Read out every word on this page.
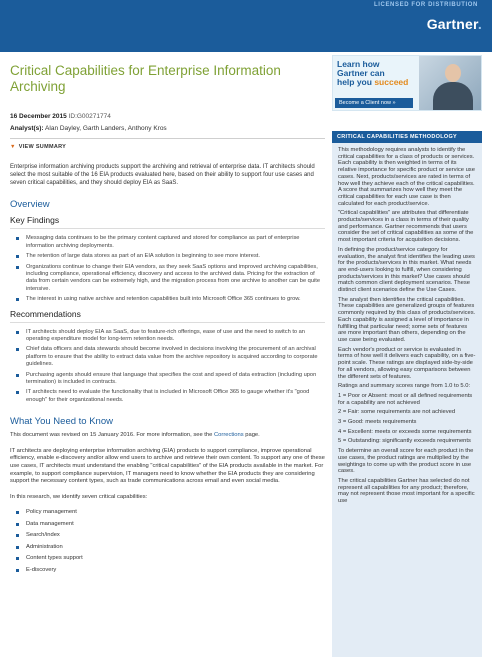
LICENSED FOR DISTRIBUTION
Gartner.
Critical Capabilities for Enterprise Information Archiving
16 December 2015 ID:G00271774
Analyst(s): Alan Dayley, Garth Landers, Anthony Kros
▼ VIEW SUMMARY
Enterprise information archiving products support the archiving and retrieval of enterprise data. IT architects should select the most suitable of the 16 EIA products evaluated here, based on their ability to support four use cases and seven critical capabilities, and they should deploy EIA as SaaS.
Overview
Key Findings
Messaging data continues to be the primary content captured and stored for compliance as part of enterprise information archiving deployments.
The retention of large data stores as part of an EIA solution is beginning to see more interest.
Organizations continue to change their EIA vendors, as they seek SaaS options and improved archiving capabilities, including compliance, operational efficiency, discovery and access to the archived data. Pricing for the extraction of data from certain vendors can be extremely high, and the migration process from one archive to another can be quite intensive.
The interest in using native archive and retention capabilities built into Microsoft Office 365 continues to grow.
Recommendations
IT architects should deploy EIA as SaaS, due to feature-rich offerings, ease of use and the need to switch to an operating expenditure model for long-term retention needs.
Chief data officers and data stewards should become involved in decisions involving the procurement of an archival platform to ensure that the ability to extract data value from the archive repository is acquired according to corporate guidelines.
Purchasing agents should ensure that language that specifies the cost and speed of data extraction (including upon termination) is included in contracts.
IT architects need to evaluate the functionality that is included in Microsoft Office 365 to gauge whether it's "good enough" for their organizational needs.
What You Need to Know

This document was revised on 15 January 2016. For more information, see the Corrections page.

IT architects are deploying enterprise information archiving (EIA) products to support compliance, improve operational efficiency, enable e-discovery and/or allow end users to archive and retrieve their own content. To support any one of these use cases, IT architects must understand the enabling "critical capabilities" of the EIA products available in the market. For example, to support compliance supervision, IT managers need to know whether the EIA products they are considering support the necessary content types, such as trade communications across email and even social media.

In this research, we identify seven critical capabilities:

Policy management
Data management
Search/index
Administration
Content types support
E-discovery
Learn how
Gartner can
help you succeed
Become a Client now »
CRITICAL CAPABILITIES METHODOLOGY

This methodology requires analysts to identify the critical capabilities for a class of products or services. Each capability is then weighted in terms of its relative importance for specific product or service use cases. Next, products/services are rated in terms of how well they achieve each of the critical capabilities. A score that summarizes how well they meet the critical capabilities for each use case is then calculated for each product/service.

"Critical capabilities" are attributes that differentiate products/services in a class in terms of their quality and performance. Gartner recommends that users consider the set of critical capabilities as some of the most important criteria for acquisition decisions.

In defining the product/service category for evaluation, the analyst first identifies the leading uses for the products/services in this market. What needs are end-users looking to fulfill, when considering products/services in this market? Use cases should match common client deployment scenarios. These distinct client scenarios define the Use Cases.

The analyst then identifies the critical capabilities. These capabilities are generalized groups of features commonly required by this class of products/services. Each capability is assigned a level of importance in fulfilling that particular need; some sets of features are more important than others, depending on the use case being evaluated.

Each vendor's product or service is evaluated in terms of how well it delivers each capability, on a five-point scale. These ratings are displayed side-by-side for all vendors, allowing easy comparisons between the different sets of features.

Ratings and summary scores range from 1.0 to 5.0:

1 = Poor or Absent: most or all defined requirements for a capability are not achieved

2 = Fair: some requirements are not achieved

3 = Good: meets requirements

4 = Excellent: meets or exceeds some requirements

5 = Outstanding: significantly exceeds requirements

To determine an overall score for each product in the use cases, the product ratings are multiplied by the weightings to come up with the product score in use cases.

The critical capabilities Gartner has selected do not represent all capabilities for any product; therefore, may not represent those most important for a specific use
